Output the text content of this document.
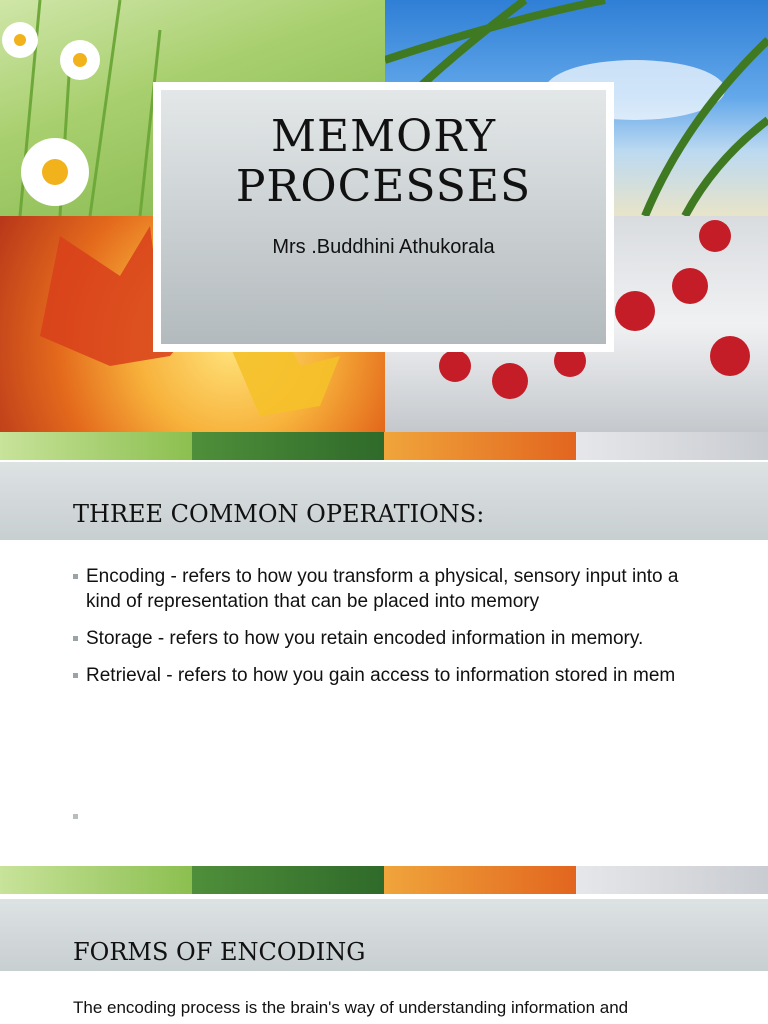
MEMORY
PROCESSES
Mrs .Buddhini Athukorala
THREE COMMON OPERATIONS:
Encoding - refers to how you transform a physical, sensory input into a kind of representation that can be placed into memory
Storage - refers to how you retain encoded information in memory.
Retrieval - refers to how you gain access to information stored in mem
FORMS OF ENCODING
The encoding process is the brain's way of understanding information and
